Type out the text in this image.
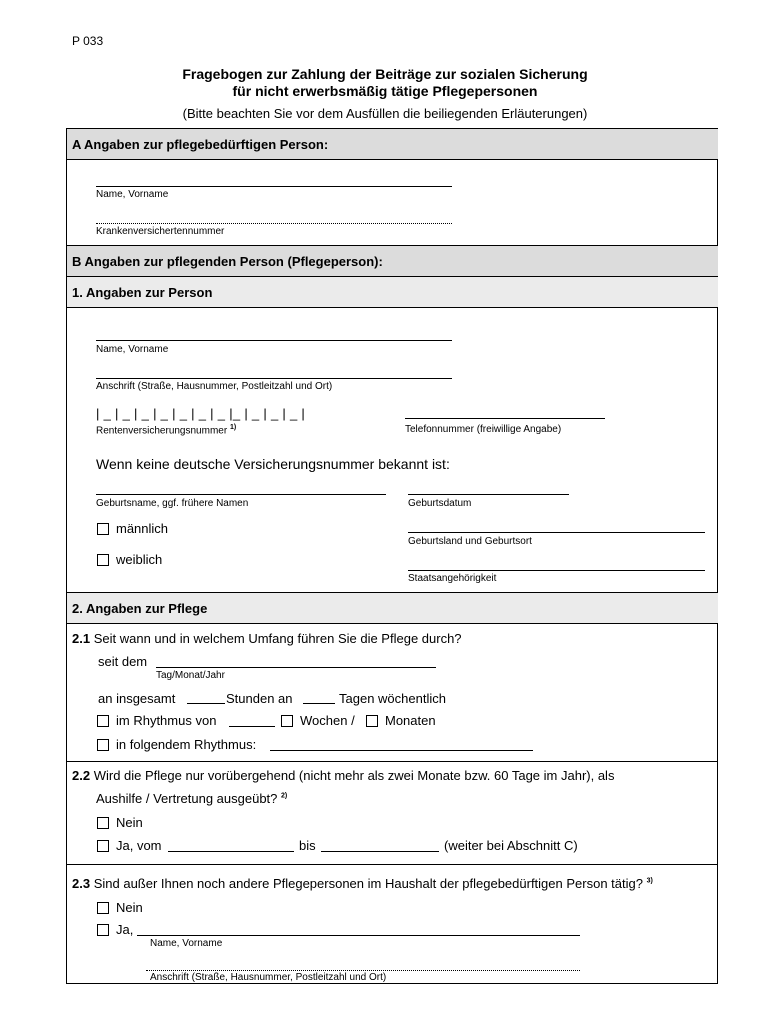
P 033
Fragebogen zur Zahlung der Beiträge zur sozialen Sicherung
für nicht erwerbsmäßig tätige Pflegepersonen
(Bitte beachten Sie vor dem Ausfüllen die beiliegenden Erläuterungen)
A Angaben zur pflegebedürftigen Person:
Name, Vorname
Krankenversichertennummer
B Angaben zur pflegenden Person (Pflegeperson):
1. Angaben zur Person
Name, Vorname
Anschrift (Straße, Hausnummer, Postleitzahl und Ort)
| _ | _ | _ | _ | _ | _ | _ |_ | _ | _ | _ |
Rentenversicherungsnummer $^{1)}$	Telefonnummer (freiwillige Angabe)
Wenn keine deutsche Versicherungsnummer bekannt ist:
Geburtsname, ggf. frühere Namen	Geburtsdatum
männlich
Geburtsland und Geburtsort
weiblich
Staatsangehörigkeit
2. Angaben zur Pflege
2.1 Seit wann und in welchem Umfang führen Sie die Pflege durch?
seit dem
Tag/Monat/Jahr
an insgesamt	Stunden an	Tagen wöchentlich
im Rhythmus von	Wochen / Monaten
in folgendem Rhythmus:
2.2 Wird die Pflege nur vorübergehend (nicht mehr als zwei Monate bzw. 60 Tage im Jahr), als
Aushilfe / Vertretung ausgeübt? $^{2)}$
Nein
Ja, vom	bis	(weiter bei Abschnitt C)
2.3 Sind außer Ihnen noch andere Pflegepersonen im Haushalt der pflegebedürftigen Person tätig? $^{3)}$
Nein
Ja,
Name, Vorname
Anschrift (Straße, Hausnummer, Postleitzahl und Ort)
